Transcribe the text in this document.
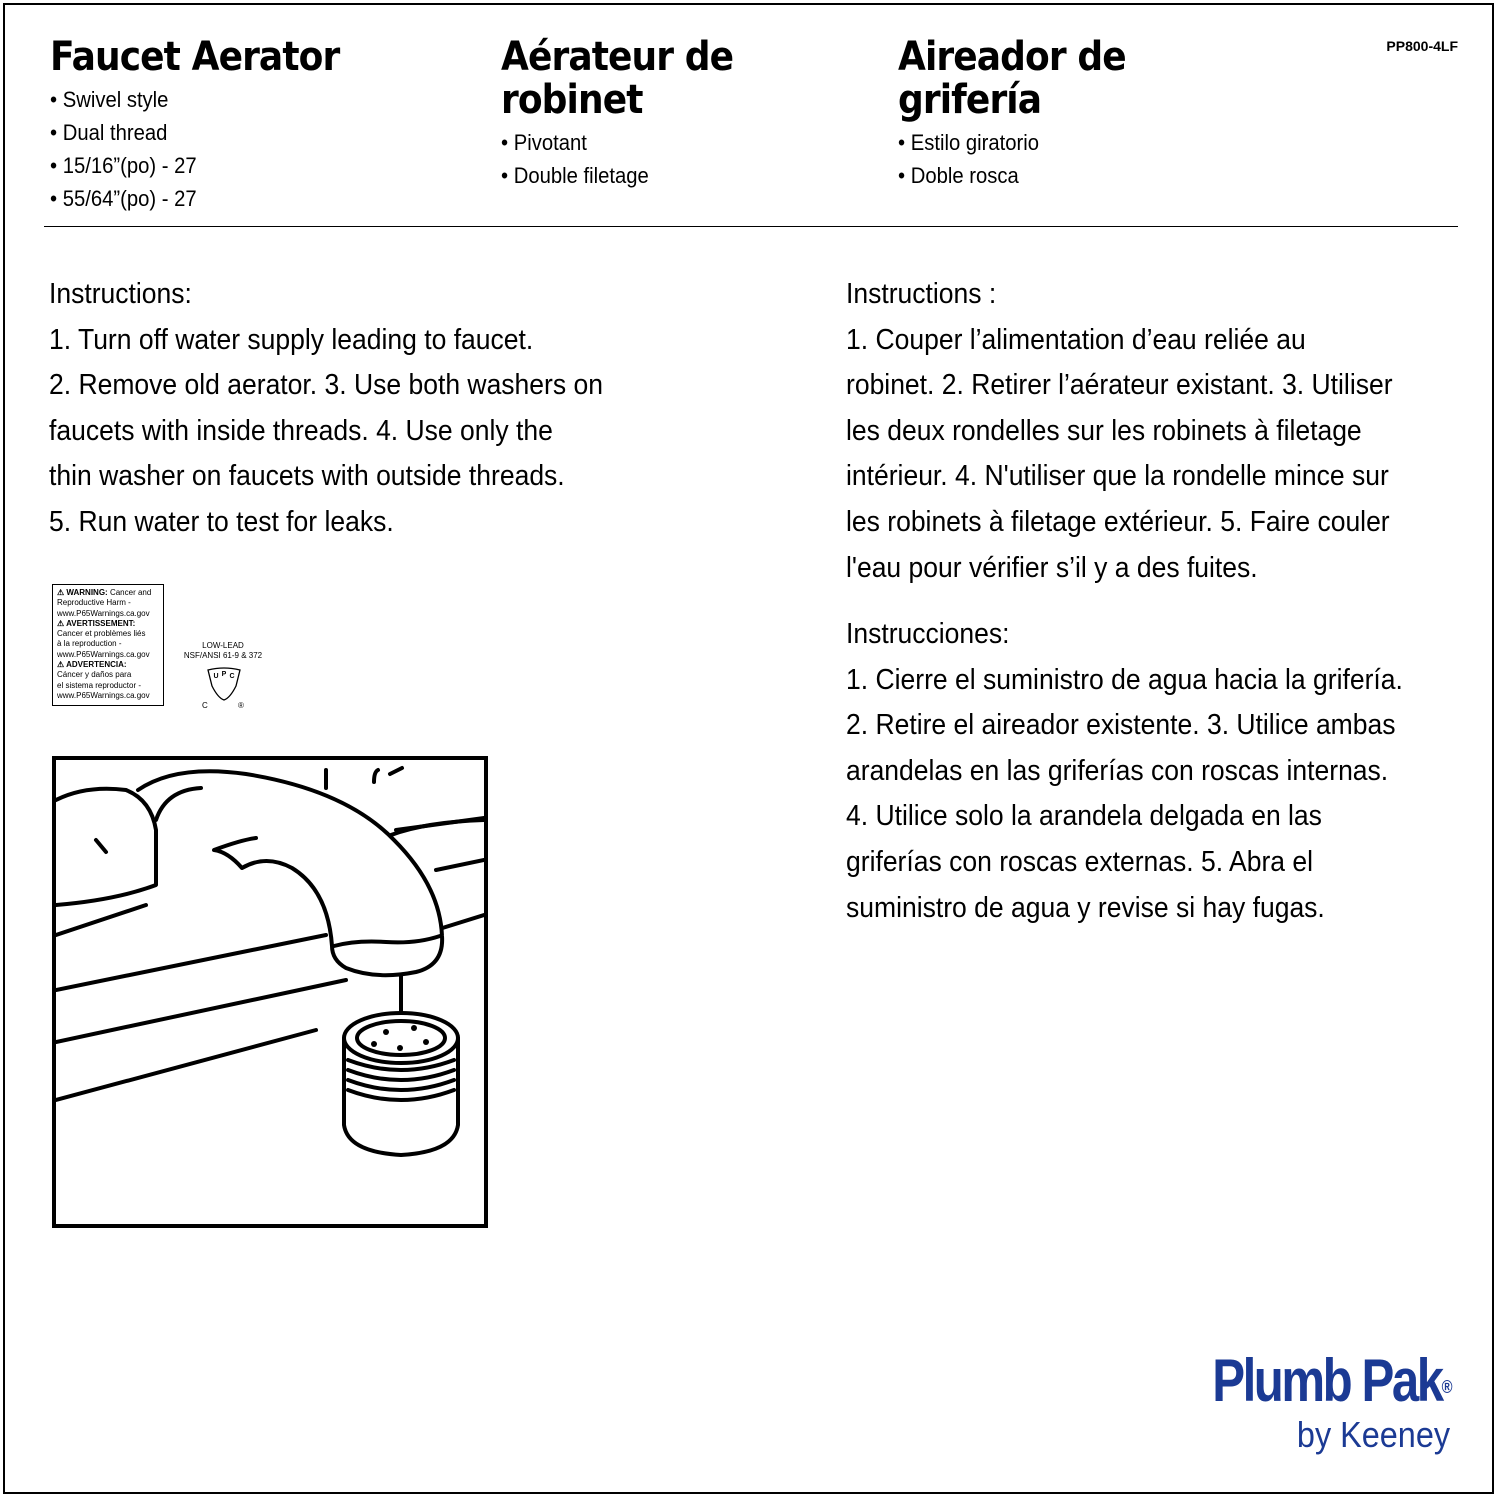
PP800-4LF
Faucet Aerator
• Swivel style
• Dual thread
• 15/16”(po) - 27
• 55/64”(po) - 27
Aérateur de
robinet
• Pivotant
• Double filetage
Aireador de
grifería
• Estilo giratorio
• Doble rosca
Instructions:
1. Turn off water supply leading to faucet.
2. Remove old aerator. 3. Use both washers on
faucets with inside threads. 4. Use only the
thin washer on faucets with outside threads.
5. Run water to test for leaks.
Instructions :
1. Couper l’alimentation d’eau reliée au
robinet. 2. Retirer l’aérateur existant. 3. Utiliser
les deux rondelles sur les robinets à filetage
intérieur. 4. N'utiliser que la rondelle mince sur
les robinets à filetage extérieur. 5. Faire couler
l'eau pour vérifier s’il y a des fuites.
Instrucciones:
1. Cierre el suministro de agua hacia la grifería.
2. Retire el aireador existente. 3. Utilice ambas
arandelas en las griferías con roscas internas.
4. Utilice solo la arandela delgada en las
griferías con roscas externas. 5. Abra el
suministro de agua y revise si hay fugas.
⚠ WARNING: Cancer and
Reproductive Harm -
www.P65Warnings.ca.gov
⚠ AVERTISSEMENT:
Cancer et problèmes liés
à la reproduction -
www.P65Warnings.ca.gov
⚠ ADVERTENCIA:
Cáncer y daños para
el sistema reproductor -
www.P65Warnings.ca.gov
LOW-LEAD
NSF/ANSI 61-9 & 372
U P C
C	®
Plumb Pak®
by Keeney
